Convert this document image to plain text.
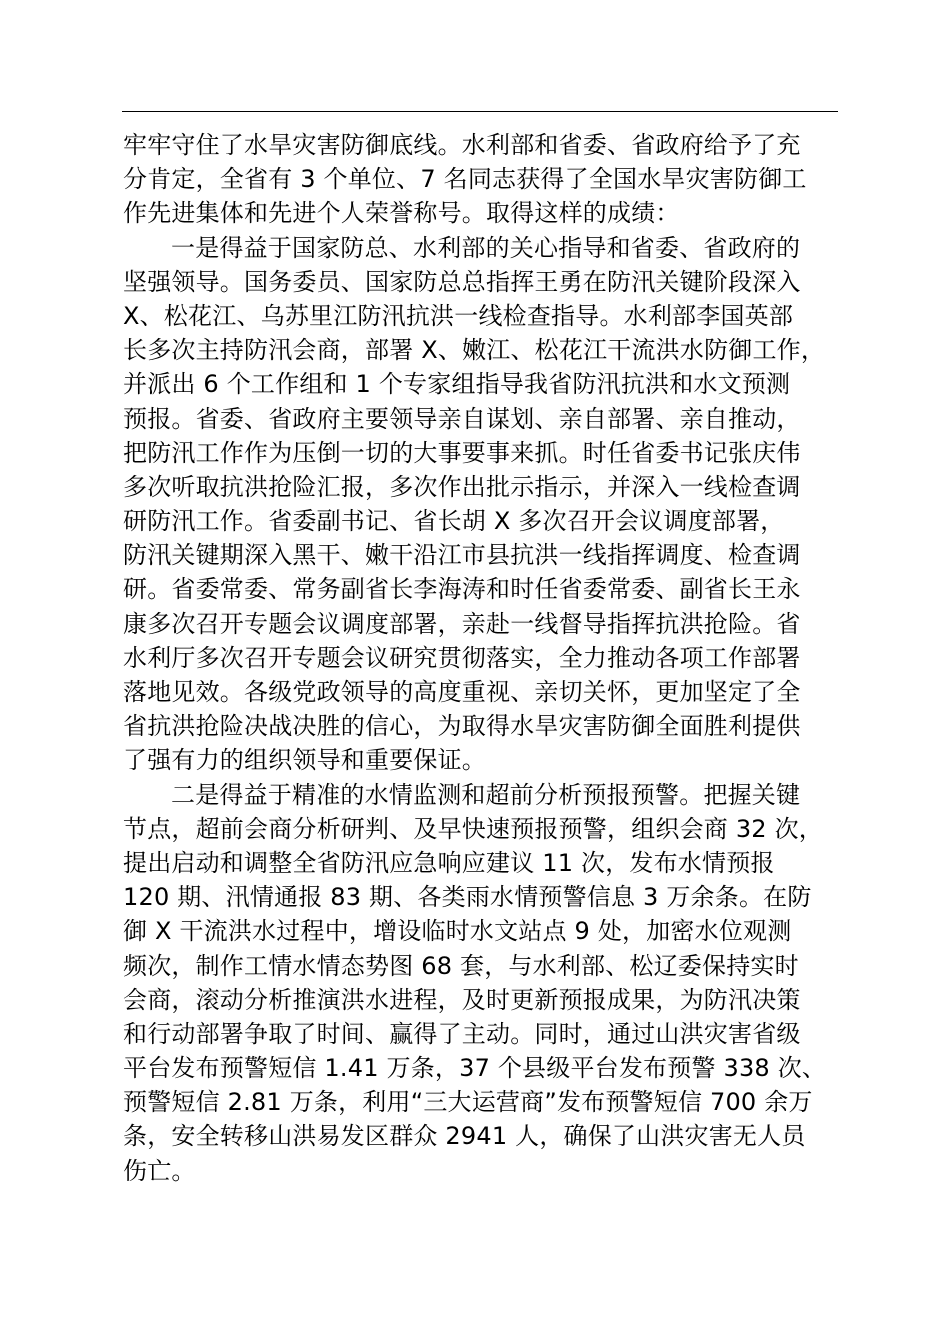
牢牢守住了水旱灾害防御底线。水利部和省委、省政府给予了充
分肯定，全省有 3 个单位、7 名同志获得了全国水旱灾害防御工
作先进集体和先进个人荣誉称号。取得这样的成绩：
一是得益于国家防总、水利部的关心指导和省委、省政府的
坚强领导。国务委员、国家防总总指挥王勇在防汛关键阶段深入
X、松花江、乌苏里江防汛抗洪一线检查指导。水利部李国英部
长多次主持防汛会商，部署 X、嫩江、松花江干流洪水防御工作，
并派出 6 个工作组和 1 个专家组指导我省防汛抗洪和水文预测
预报。省委、省政府主要领导亲自谋划、亲自部署、亲自推动，
把防汛工作作为压倒一切的大事要事来抓。时任省委书记张庆伟
多次听取抗洪抢险汇报，多次作出批示指示，并深入一线检查调
研防汛工作。省委副书记、省长胡 X 多次召开会议调度部署，
防汛关键期深入黑干、嫩干沿江市县抗洪一线指挥调度、检查调
研。省委常委、常务副省长李海涛和时任省委常委、副省长王永
康多次召开专题会议调度部署，亲赴一线督导指挥抗洪抢险。省
水利厅多次召开专题会议研究贯彻落实，全力推动各项工作部署
落地见效。各级党政领导的高度重视、亲切关怀，更加坚定了全
省抗洪抢险决战决胜的信心，为取得水旱灾害防御全面胜利提供
了强有力的组织领导和重要保证。
二是得益于精准的水情监测和超前分析预报预警。把握关键
节点，超前会商分析研判、及早快速预报预警，组织会商 32 次，
提出启动和调整全省防汛应急响应建议 11 次，发布水情预报
120 期、汛情通报 83 期、各类雨水情预警信息 3 万余条。在防
御 X 干流洪水过程中，增设临时水文站点 9 处，加密水位观测
频次，制作工情水情态势图 68 套，与水利部、松辽委保持实时
会商，滚动分析推演洪水进程，及时更新预报成果，为防汛决策
和行动部署争取了时间、赢得了主动。同时，通过山洪灾害省级
平台发布预警短信 1.41 万条，37 个县级平台发布预警 338 次、
预警短信 2.81 万条，利用“三大运营商”发布预警短信 700 余万
条，安全转移山洪易发区群众 2941 人，确保了山洪灾害无人员
伤亡。
